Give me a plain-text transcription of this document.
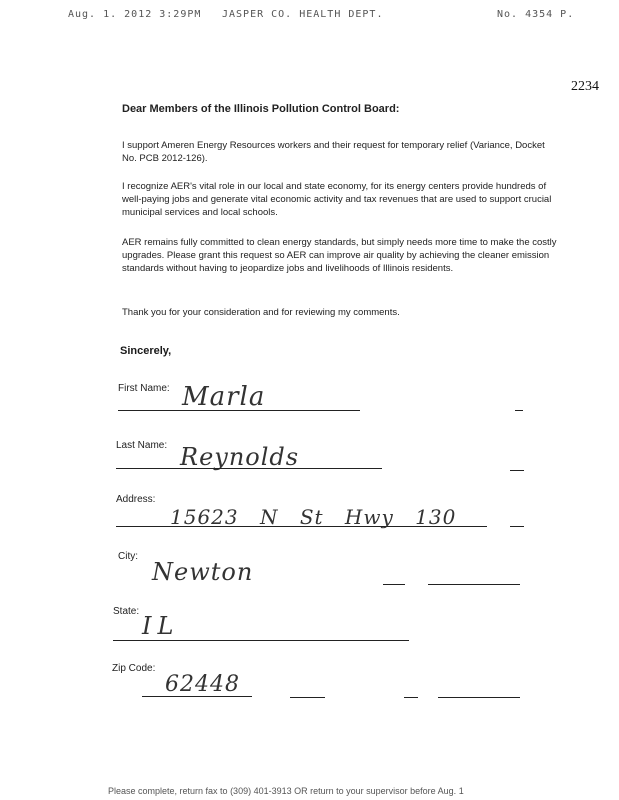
Aug. 1. 2012 3:29PM JASPER CO. HEALTH DEPT.	No. 4354 P.
2234
Dear Members of the Illinois Pollution Control Board:
I support Ameren Energy Resources workers and their request for temporary relief (Variance, Docket No. PCB 2012-126).
I recognize AER's vital role in our local and state economy, for its energy centers provide hundreds of well-paying jobs and generate vital economic activity and tax revenues that are used to support crucial municipal services and local schools.
AER remains fully committed to clean energy standards, but simply needs more time to make the costly upgrades. Please grant this request so AER can improve air quality by achieving the cleaner emission standards without having to jeopardize jobs and livelihoods of Illinois residents.
Thank you for your consideration and for reviewing my comments.
Sincerely,
First Name: Marla
Last Name: Reynolds
Address:
15623 N St Hwy 130
City:
Newton
State:
IL
Zip Code:
62448
Please complete, return fax to (309) 401-3913 OR return to your supervisor before Aug. 1
